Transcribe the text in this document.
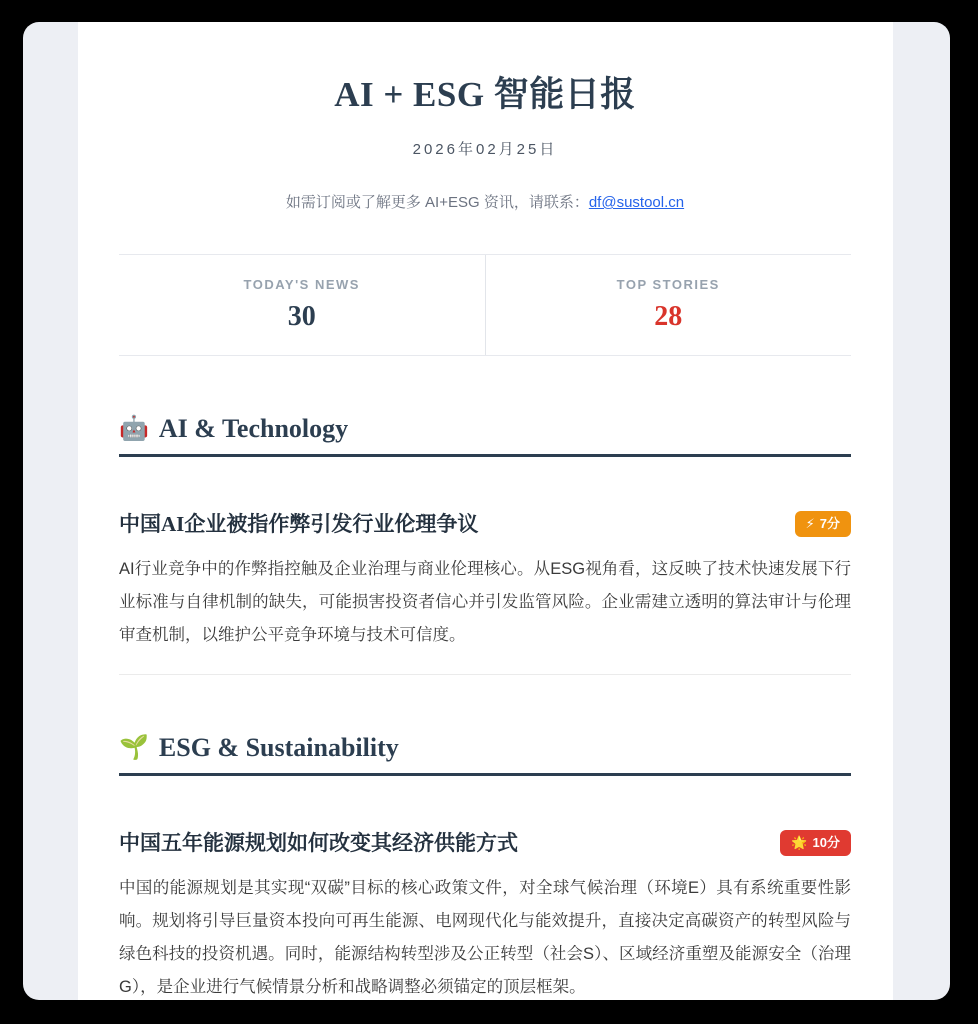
AI + ESG 智能日报
2026年02月25日
如需订阅或了解更多 AI+ESG 资讯，请联系：df@sustool.cn
TODAY'S NEWS
30
TOP STORIES
28
🤖 AI & Technology
中国AI企业被指作弊引发行业伦理争议	⚡ 7分
AI行业竞争中的作弊指控触及企业治理与商业伦理核心。从ESG视角看，这反映了技术快速发展下行业标准与自律机制的缺失，可能损害投资者信心并引发监管风险。企业需建立透明的算法审计与伦理审查机制，以维护公平竞争环境与技术可信度。
🌱 ESG & Sustainability
中国五年能源规划如何改变其经济供能方式	🌟 10分
中国的能源规划是其实现“双碳”目标的核心政策文件，对全球气候治理（环境E）具有系统重要性影响。规划将引导巨量资本投向可再生能源、电网现代化与能效提升，直接决定高碳资产的转型风险与绿色科技的投资机遇。同时，能源结构转型涉及公正转型（社会S）、区域经济重塑及能源安全（治理G），是企业进行气候情景分析和战略调整必须锚定的顶层框架。
